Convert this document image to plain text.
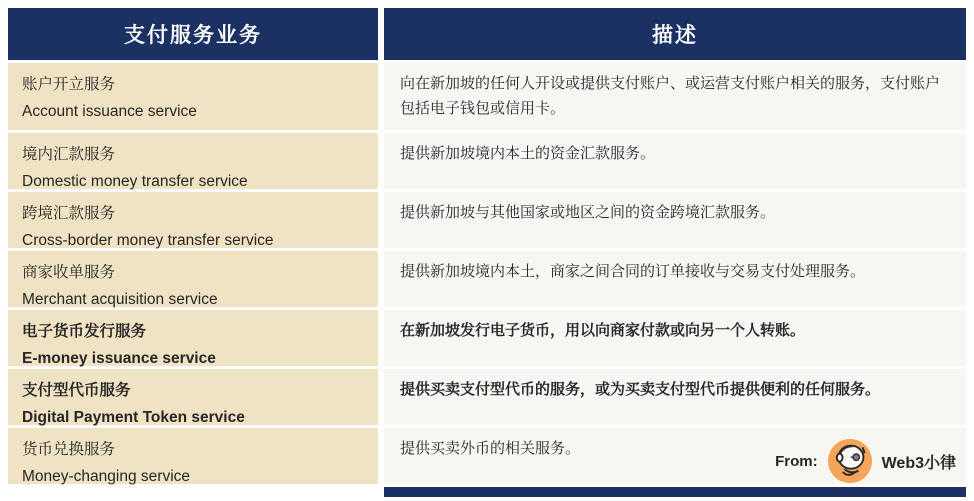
支付服务业务	描述
账户开立服务
Account issuance service
向在新加坡的任何人开设或提供支付账户、或运营支付账户相关的服务，支付账户包括电子钱包或信用卡。
境内汇款服务
Domestic money transfer service
提供新加坡境内本土的资金汇款服务。
跨境汇款服务
Cross-border money transfer service
提供新加坡与其他国家或地区之间的资金跨境汇款服务。
商家收单服务
Merchant acquisition service
提供新加坡境内本土，商家之间合同的订单接收与交易支付处理服务。
电子货币发行服务
E-money issuance service
在新加坡发行电子货币，用以向商家付款或向另一个人转账。
支付型代币服务
Digital Payment Token service
提供买卖支付型代币的服务，或为买卖支付型代币提供便利的任何服务。
货币兑换服务
Money-changing service
提供买卖外币的相关服务。
From:	Web3小律
